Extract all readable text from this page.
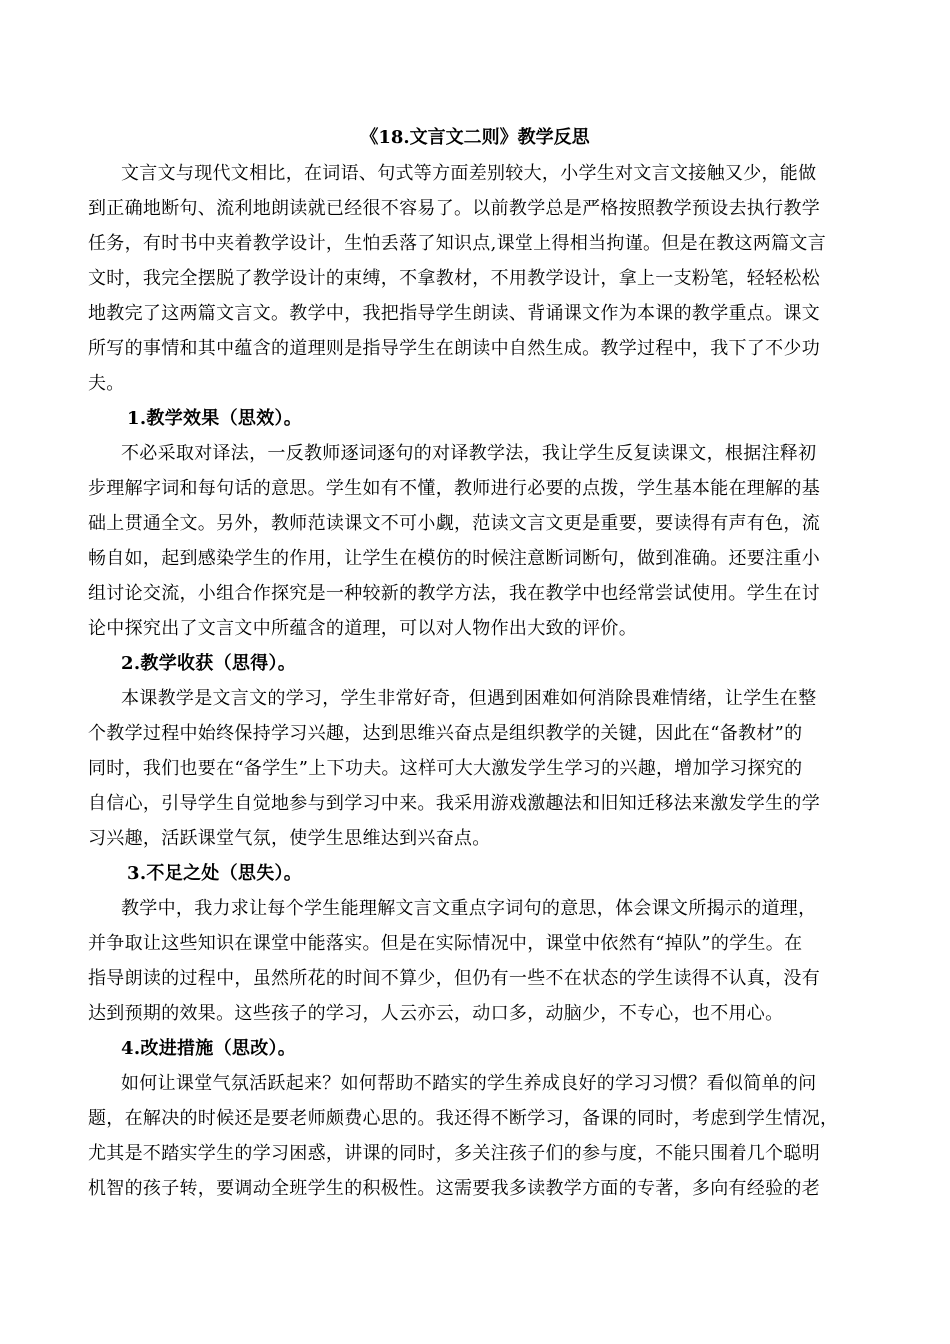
《18.文言文二则》教学反思
文言文与现代文相比，在词语、句式等方面差别较大，小学生对文言文接触又少，能做
到正确地断句、流利地朗读就已经很不容易了。以前教学总是严格按照教学预设去执行教学
任务，有时书中夹着教学设计，生怕丢落了知识点,课堂上得相当拘谨。但是在教这两篇文言
文时，我完全摆脱了教学设计的束缚，不拿教材，不用教学设计，拿上一支粉笔，轻轻松松
地教完了这两篇文言文。教学中，我把指导学生朗读、背诵课文作为本课的教学重点。课文
所写的事情和其中蕴含的道理则是指导学生在朗读中自然生成。教学过程中，我下了不少功
夫。
1.教学效果（思效）。
不必采取对译法，一反教师逐词逐句的对译教学法，我让学生反复读课文，根据注释初
步理解字词和每句话的意思。学生如有不懂，教师进行必要的点拨，学生基本能在理解的基
础上贯通全文。另外，教师范读课文不可小觑，范读文言文更是重要，要读得有声有色，流
畅自如，起到感染学生的作用，让学生在模仿的时候注意断词断句，做到准确。还要注重小
组讨论交流，小组合作探究是一种较新的教学方法，我在教学中也经常尝试使用。学生在讨
论中探究出了文言文中所蕴含的道理，可以对人物作出大致的评价。
2.教学收获（思得）。
本课教学是文言文的学习，学生非常好奇，但遇到困难如何消除畏难情绪，让学生在整
个教学过程中始终保持学习兴趣，达到思维兴奋点是组织教学的关键，因此在“备教材”的
同时，我们也要在“备学生”上下功夫。这样可大大激发学生学习的兴趣，增加学习探究的
自信心，引导学生自觉地参与到学习中来。我采用游戏激趣法和旧知迁移法来激发学生的学
习兴趣，活跃课堂气氛，使学生思维达到兴奋点。
3.不足之处（思失）。
教学中，我力求让每个学生能理解文言文重点字词句的意思，体会课文所揭示的道理，
并争取让这些知识在课堂中能落实。但是在实际情况中，课堂中依然有“掉队”的学生。在
指导朗读的过程中，虽然所花的时间不算少，但仍有一些不在状态的学生读得不认真，没有
达到预期的效果。这些孩子的学习，人云亦云，动口多，动脑少，不专心，也不用心。
4.改进措施（思改）。
如何让课堂气氛活跃起来？如何帮助不踏实的学生养成良好的学习习惯？看似简单的问
题，在解决的时候还是要老师颇费心思的。我还得不断学习，备课的同时，考虑到学生情况，
尤其是不踏实学生的学习困惑，讲课的同时，多关注孩子们的参与度，不能只围着几个聪明
机智的孩子转，要调动全班学生的积极性。这需要我多读教学方面的专著，多向有经验的老
